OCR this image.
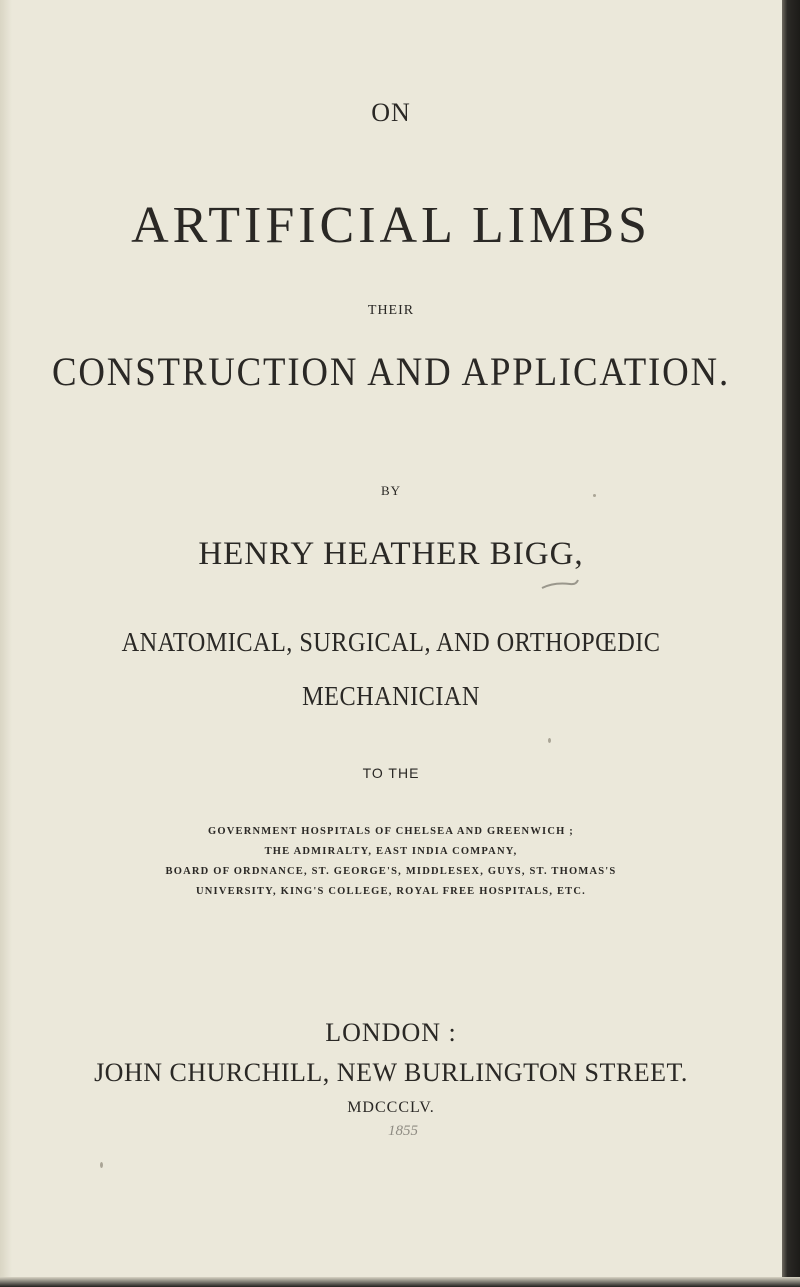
ON
ARTIFICIAL LIMBS
THEIR
CONSTRUCTION AND APPLICATION.
BY
HENRY HEATHER BIGG,
ANATOMICAL, SURGICAL, AND ORTHOPŒDIC
MECHANICIAN
TO THE
GOVERNMENT HOSPITALS OF CHELSEA AND GREENWICH ;
THE ADMIRALTY, EAST INDIA COMPANY,
BOARD OF ORDNANCE, ST. GEORGE'S, MIDDLESEX, GUYS, ST. THOMAS'S
UNIVERSITY, KING'S COLLEGE, ROYAL FREE HOSPITALS, ETC.
LONDON :
JOHN CHURCHILL, NEW BURLINGTON STREET.
MDCCCLV.
1855
